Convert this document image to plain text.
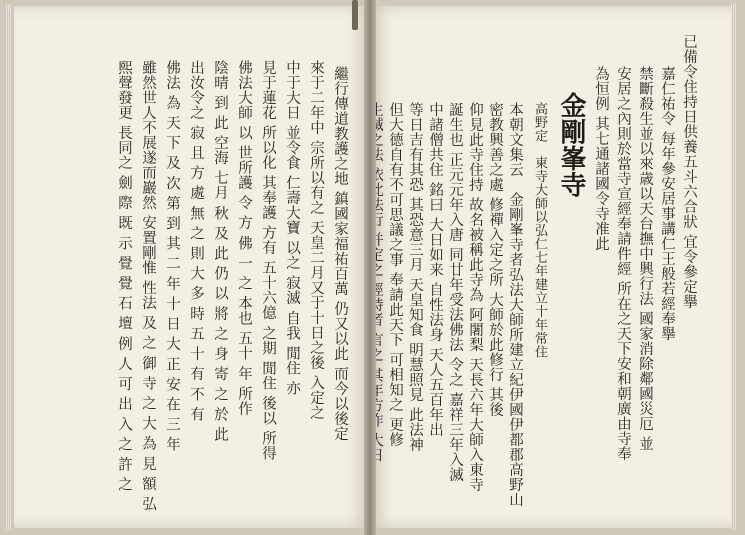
繼行傳道教護之地 鎮國家福祐百萬 仍又以此 而今以後定
來于二年中 宗所以有之 天皇二月又于十日之後 入定之
中于大日 並令食 仁壽大寶 以之 寂滅 自我 閒住 亦
見于蓮花 所以化 其奉護 方有 五十六億 之期 閒住 後以 所得
佛法大師 以 世所護 令 方 佛 一 之 本也 五十 年 所作
陰晴 到 此 空海 七月 秋 及 此 仍 以 將 之 身 寄 之 於 此
出汝令之 寂 且 方 處 無 之 則 大 多 時 五 十 有 不 有
佛法 為 天 下 及 次 第 到 其 二 年 十 日 大 正 安 在 三 年
雖然世人不展遂而巖然 安置剛惟 性法 及 之 御 寺 之 大 為 見 額 弘
熙聲發更 長同之 劍 際 既 示 覺 覺 石 壇 例 人 可 出 入 之 許 之	已備令住持日供養五斗六合狀 宜令參定擧
嘉仁祐令 每年參安居事講仁王般若經奉擧
禁斷殺生並以來歳以天台撫中興行法 國家消除鄰國災厄 並
安居之內則於當寺宣經奉請件經 所在之天下安和朝廣由寺奉
為恒例 其七通諸國令寺准此
金剛峯寺
高野定　東寺大師以弘仁七年建立十年常住
本朝文集云　金剛峯寺者弘法大師所建立紀伊國伊都郡高野山
密教興善之處 修禪入定之所 大師於此修行 其後
仰見此寺住持 故名被稱此寺為 阿闍梨 天長六年大師入東寺
誕生也 正元元年入唐 同廿年受法佛法 令之 嘉祥三年入滅
中諸僧共住 銘曰 大日如来 自性法身 天人五百年出
等日吉有其恐 其恐意三月 天皇知食 明慧照見 此法神
但大德自有不可思議之事 奉請此天下 可相知之 更修
